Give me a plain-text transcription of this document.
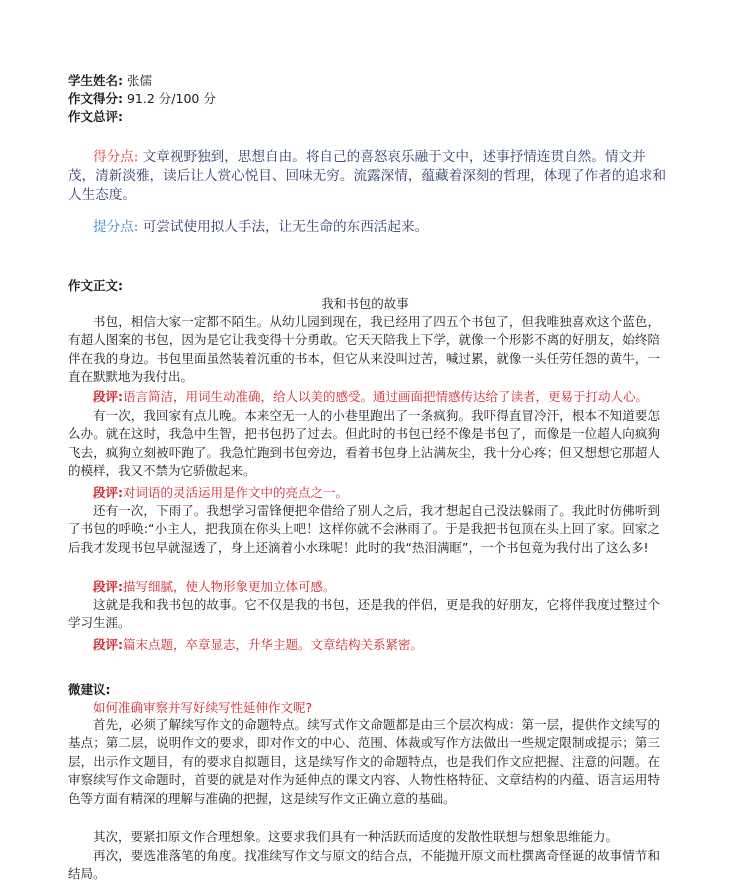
学生姓名: 张儒
作文得分: 91.2 分/100 分
作文总评:
得分点: 文章视野独到，思想自由。将自己的喜怒哀乐融于文中，述事抒情连贯自然。情文并茂，清新淡雅，读后让人赏心悦目、回味无穷。流露深情，蕴藏着深刻的哲理，体现了作者的追求和人生态度。
提分点: 可尝试使用拟人手法，让无生命的东西活起来。
作文正文:
我和书包的故事
书包，相信大家一定都不陌生。从幼儿园到现在，我已经用了四五个书包了，但我唯独喜欢这个蓝色，有超人图案的书包，因为是它让我变得十分勇敢。它天天陪我上下学，就像一个形影不离的好朋友，始终陪伴在我的身边。书包里面虽然装着沉重的书本，但它从来没叫过苦，喊过累，就像一头任劳任怨的黄牛，一直在默默地为我付出。
段评:语言简洁，用词生动准确，给人以美的感受。通过画面把情感传达给了读者，更易于打动人心。
有一次，我回家有点儿晚。本来空无一人的小巷里跑出了一条疯狗。我吓得直冒冷汗，根本不知道要怎么办。就在这时，我急中生智，把书包扔了过去。但此时的书包已经不像是书包了，而像是一位超人向疯狗飞去，疯狗立刻被吓跑了。我急忙跑到书包旁边，看着书包身上沾满灰尘，我十分心疼；但又想想它那超人的模样，我又不禁为它骄傲起来。
段评:对词语的灵活运用是作文中的亮点之一。
还有一次，下雨了。我想学习雷锋便把伞借给了别人之后，我才想起自己没法躲雨了。我此时仿佛听到了书包的呼唤:“小主人，把我顶在你头上吧！这样你就不会淋雨了。于是我把书包顶在头上回了家。回家之后我才发现书包早就湿透了，身上还滴着小水珠呢！此时的我“热泪满眶”，一个书包竟为我付出了这么多!
段评:描写细腻，使人物形象更加立体可感。
这就是我和我书包的故事。它不仅是我的书包，还是我的伴侣，更是我的好朋友，它将伴我度过整过个学习生涯。
段评:篇末点题，卒章显志，升华主题。文章结构关系紧密。
微建议:
如何准确审察并写好续写性延伸作文呢?
首先，必须了解续写作文的命题特点。续写式作文命题都是由三个层次构成：第一层，提供作文续写的基点；第二层，说明作文的要求，即对作文的中心、范围、体裁或写作方法做出一些规定限制或提示；第三层，出示作文题目，有的要求自拟题目，这是续写作文的命题特点，也是我们作文应把握、注意的问题。在审察续写作文命题时，首要的就是对作为延伸点的课文内容、人物性格特征、文章结构的内蕴、语言运用特色等方面有精深的理解与准确的把握，这是续写作文正确立意的基础。
其次，要紧扣原文作合理想象。这要求我们具有一种活跃而适度的发散性联想与想象思维能力。
再次，要选准落笔的角度。找准续写作文与原文的结合点，不能抛开原文而杜撰离奇怪诞的故事情节和结局。
